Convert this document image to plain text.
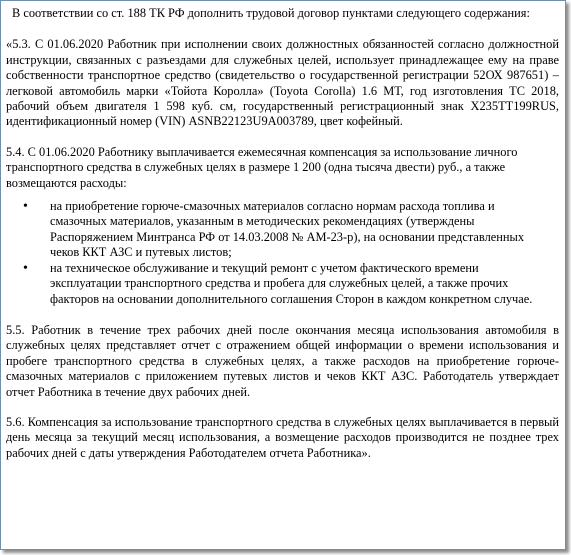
В соответствии со ст. 188 ТК РФ дополнить трудовой договор пунктами следующего содержания:

«5.3. С 01.06.2020 Работник при исполнении своих должностных обязанностей согласно должностной инструкции, связанных с разъездами для служебных целей, использует принадлежащее ему на праве собственности транспортное средство (свидетельство о государственной регистрации 52ОХ 987651) – легковой автомобиль марки «Тойота Королла» (Toyota Corolla) 1.6 МТ, год изготовления ТС 2018, рабочий объем двигателя 1 598 куб. см, государственный регистрационный знак Х235ТТ199RUS, идентификационный номер (VIN) ASNB22123U9A003789, цвет кофейный.

5.4. С 01.06.2020 Работнику выплачивается ежемесячная компенсация за использование личного транспортного средства в служебных целях в размере 1 200 (одна тысяча двести) руб., а также возмещаются расходы:

• на приобретение горюче-смазочных материалов согласно нормам расхода топлива и смазочных материалов, указанным в методических рекомендациях (утверждены Распоряжением Минтранса РФ от 14.03.2008 № АМ-23-р), на основании представленных чеков ККТ АЗС и путевых листов;
• на техническое обслуживание и текущий ремонт с учетом фактического времени эксплуатации транспортного средства и пробега для служебных целей, а также прочих факторов на основании дополнительного соглашения Сторон в каждом конкретном случае.

5.5. Работник в течение трех рабочих дней после окончания месяца использования автомобиля в служебных целях представляет отчет с отражением общей информации о времени использования и пробеге транспортного средства в служебных целях, а также расходов на приобретение горюче-смазочных материалов с приложением путевых листов и чеков ККТ АЗС. Работодатель утверждает отчет Работника в течение двух рабочих дней.

5.6. Компенсация за использование транспортного средства в служебных целях выплачивается в первый день месяца за текущий месяц использования, а возмещение расходов производится не позднее трех рабочих дней с даты утверждения Работодателем отчета Работника».
